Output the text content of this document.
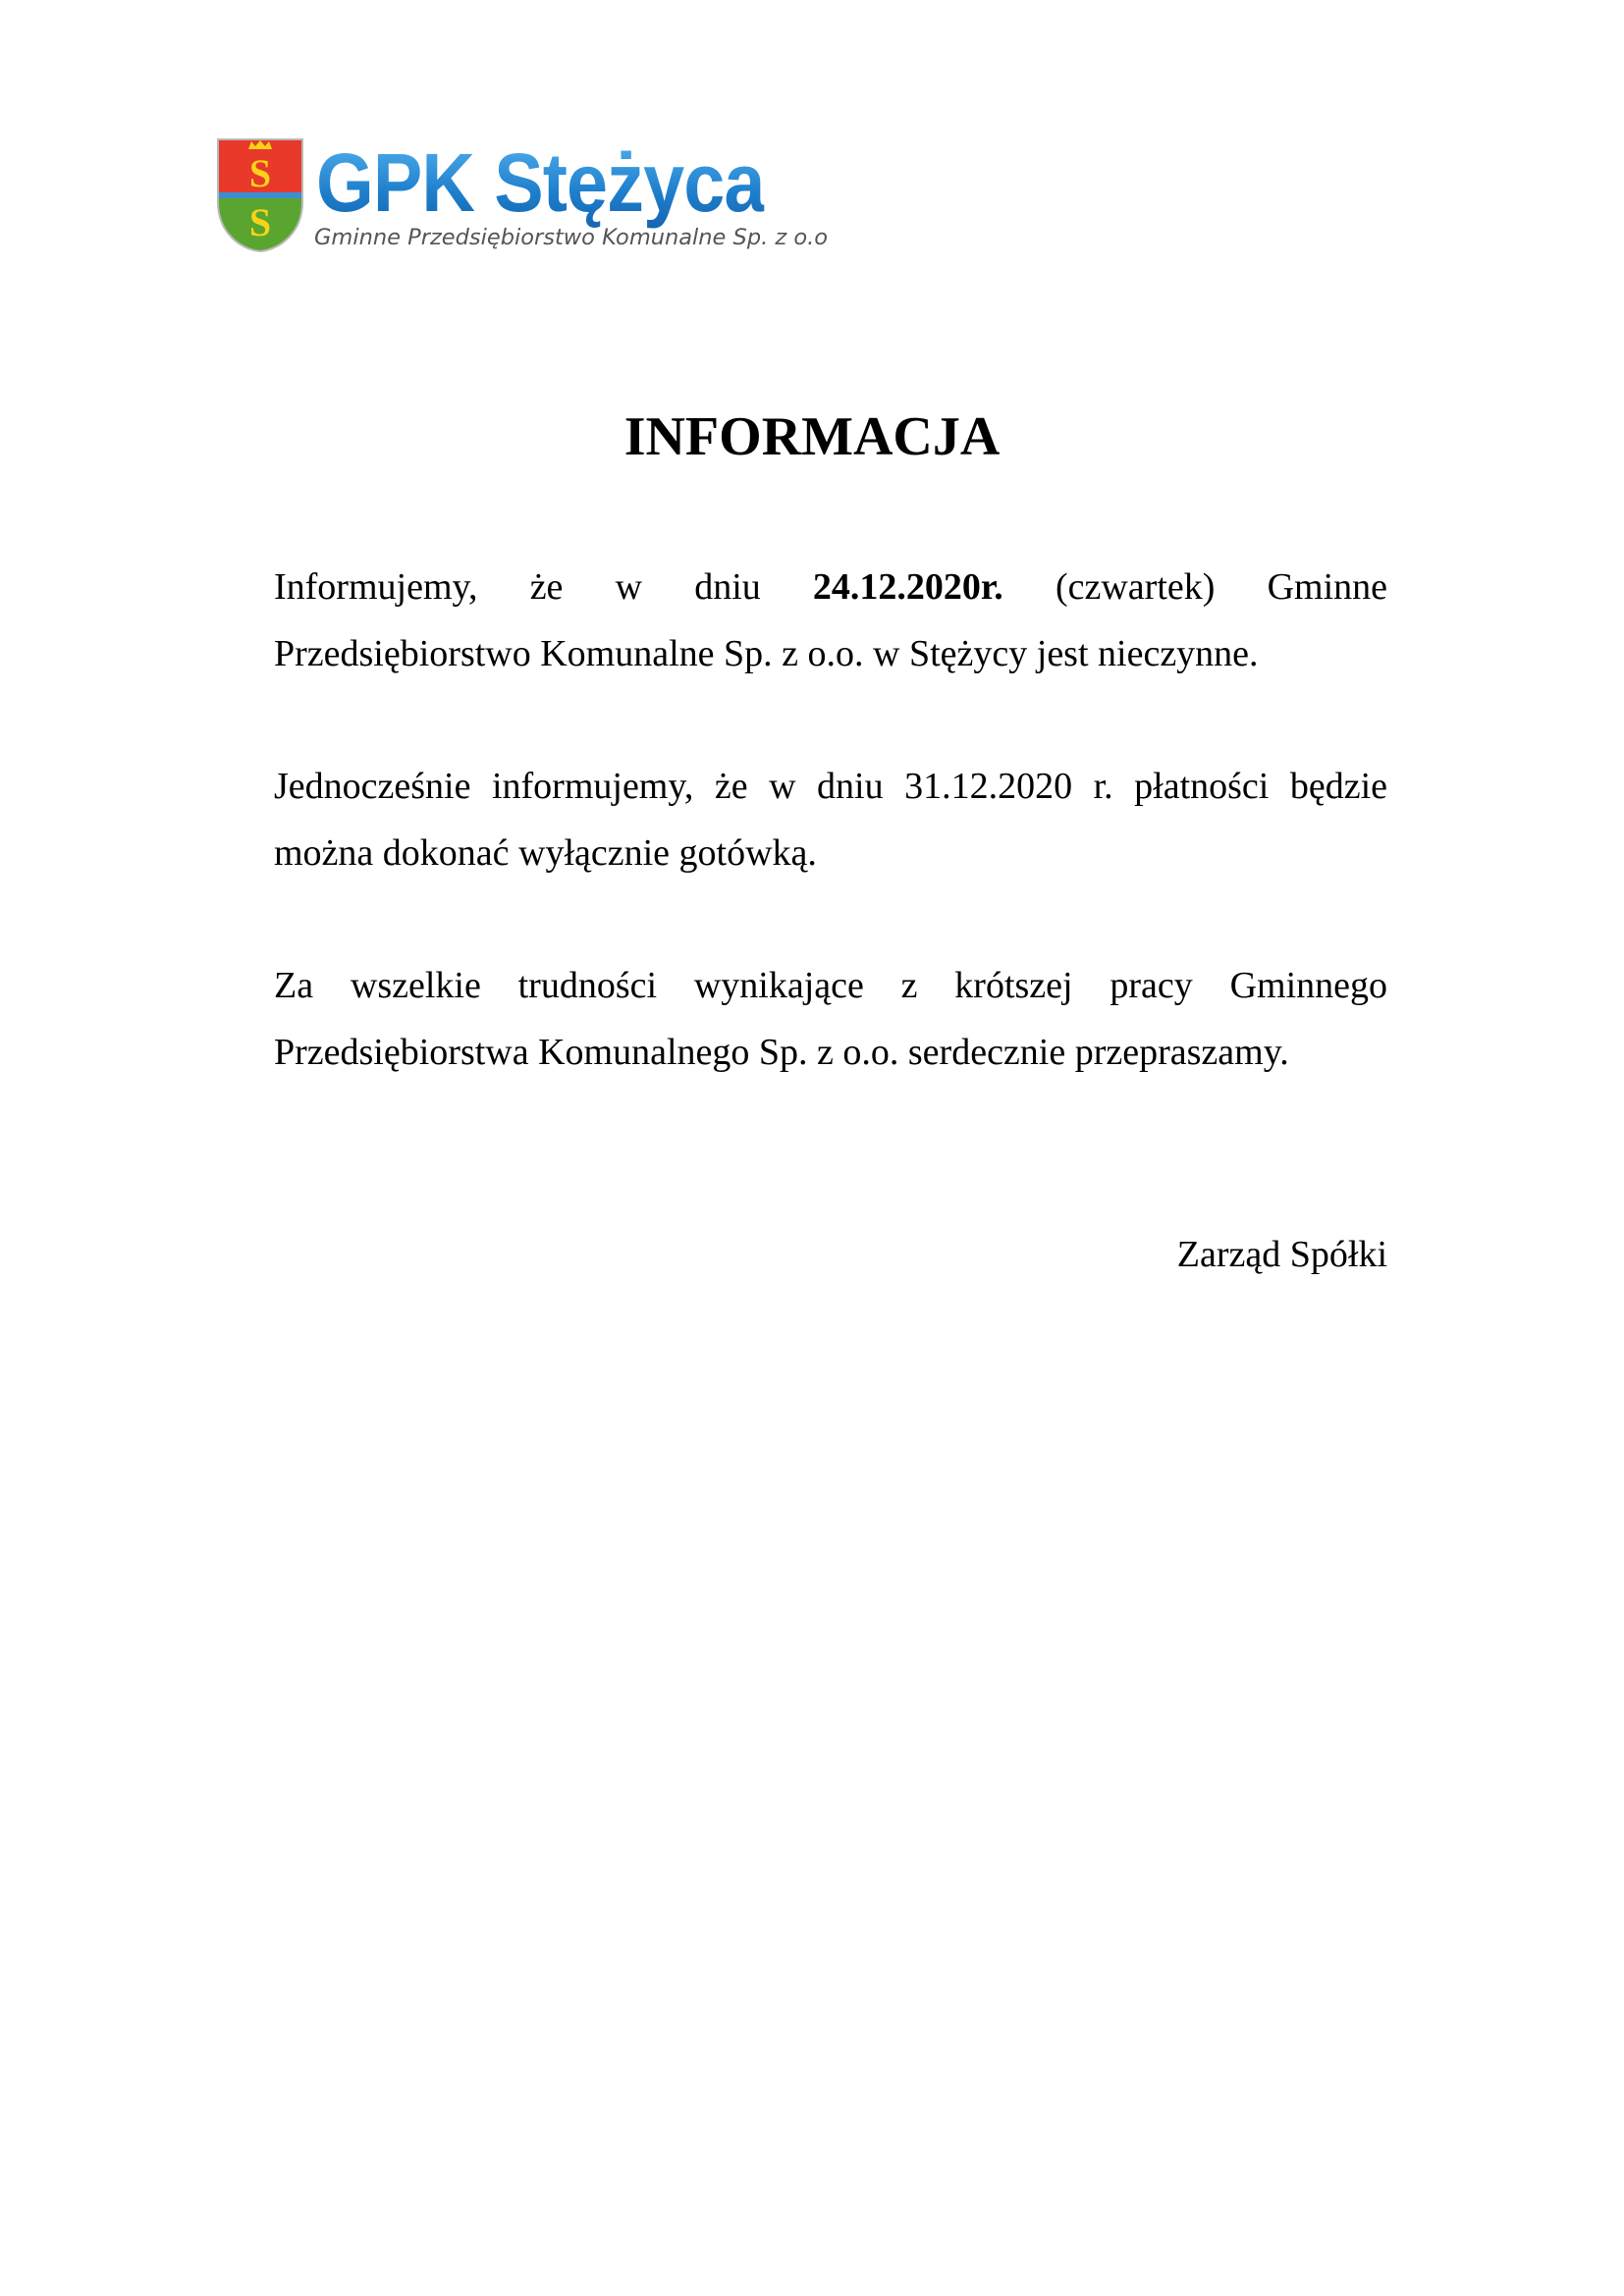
S
S GPK Stężyca
Gminne Przedsiębiorstwo Komunalne Sp. z o.o
INFORMACJA

Informujemy, że w dniu 24.12.2020r. (czwartek) Gminne Przedsiębiorstwo Komunalne Sp. z o.o. w Stężycy jest nieczynne.

Jednocześnie informujemy, że w dniu 31.12.2020 r. płatności będzie można dokonać wyłącznie gotówką.

Za wszelkie trudności wynikające z krótszej pracy Gminnego Przedsiębiorstwa Komunalnego Sp. z o.o. serdecznie przepraszamy.

Zarząd Spółki
